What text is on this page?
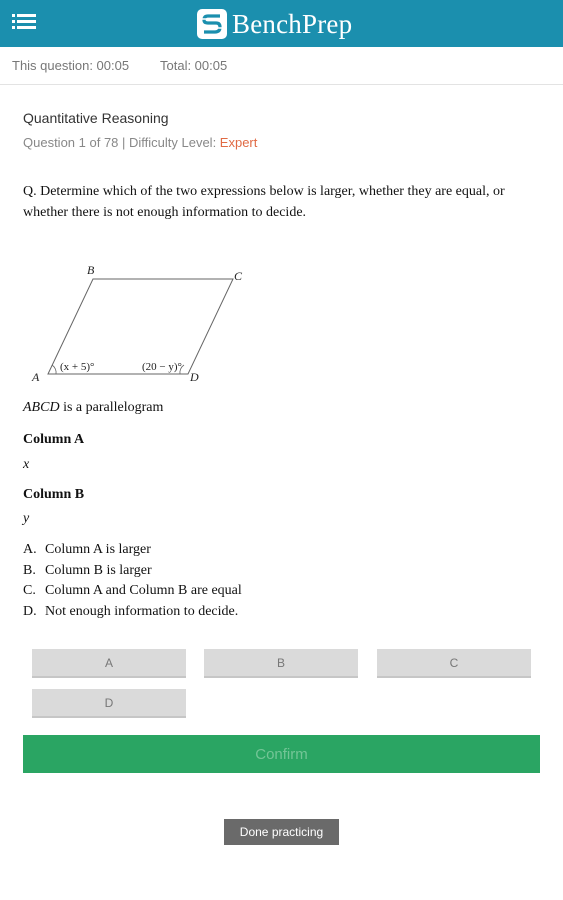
BenchPrep
This question: 00:05 Total: 00:05
Quantitative Reasoning
Question 1 of 78 | Difficulty Level: Expert
Q. Determine which of the two expressions below is larger, whether they are equal, or whether there is not enough information to decide.
A
B	C
D
(x + 5)°	(20 − y)°
ABCD is a parallelogram
Column A
x
Column B
y
A. Column A is larger
B. Column B is larger
C. Column A and Column B are equal
D. Not enough information to decide.
A	B	C
D
Confirm
Done practicing
